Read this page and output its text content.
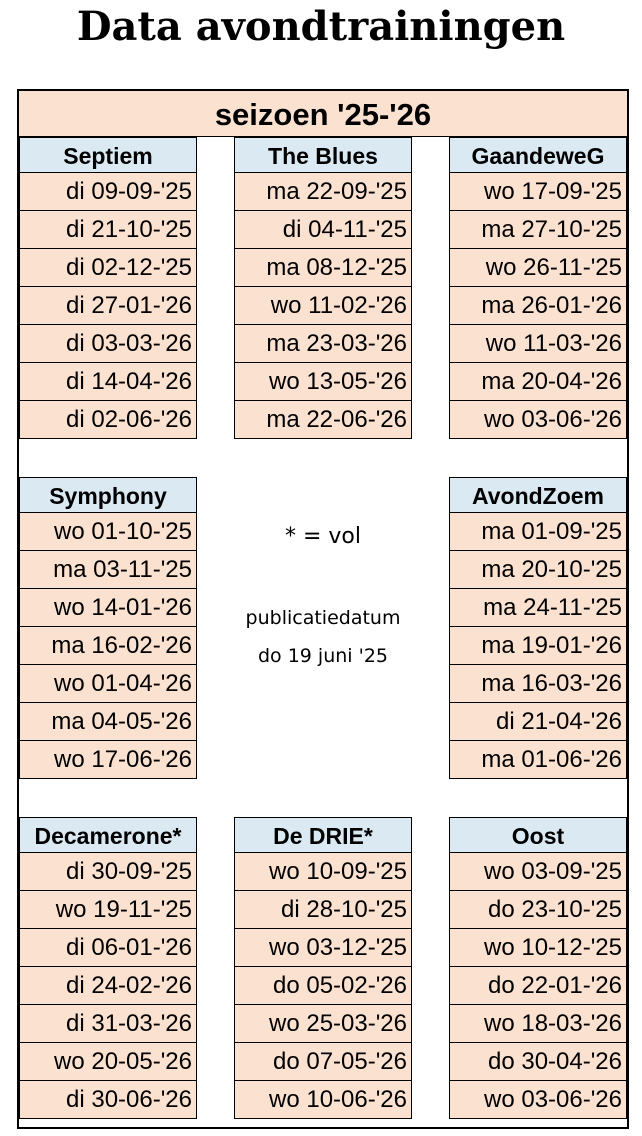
Data avondtrainingen
seizoen '25-'26
Septiem
di 09-09-'25
di 21-10-'25
di 02-12-'25
di 27-01-'26
di 03-03-'26
di 14-04-'26
di 02-06-'26
The Blues
ma 22-09-'25
di 04-11-'25
ma 08-12-'25
wo 11-02-'26
ma 23-03-'26
wo 13-05-'26
ma 22-06-'26
GaandeweG
wo 17-09-'25
ma 27-10-'25
wo 26-11-'25
ma 26-01-'26
wo 11-03-'26
ma 20-04-'26
wo 03-06-'26
Symphony
wo 01-10-'25
ma 03-11-'25
wo 14-01-'26
ma 16-02-'26
wo 01-04-'26
ma 04-05-'26
wo 17-06-'26
* = vol
publicatiedatum
do 19 juni '25
AvondZoem
ma 01-09-'25
ma 20-10-'25
ma 24-11-'25
ma 19-01-'26
ma 16-03-'26
di 21-04-'26
ma 01-06-'26
Decamerone*
di 30-09-'25
wo 19-11-'25
di 06-01-'26
di 24-02-'26
di 31-03-'26
wo 20-05-'26
di 30-06-'26
De DRIE*
wo 10-09-'25
di 28-10-'25
wo 03-12-'25
do 05-02-'26
wo 25-03-'26
do 07-05-'26
wo 10-06-'26
Oost
wo 03-09-'25
do 23-10-'25
wo 10-12-'25
do 22-01-'26
wo 18-03-'26
do 30-04-'26
wo 03-06-'26
